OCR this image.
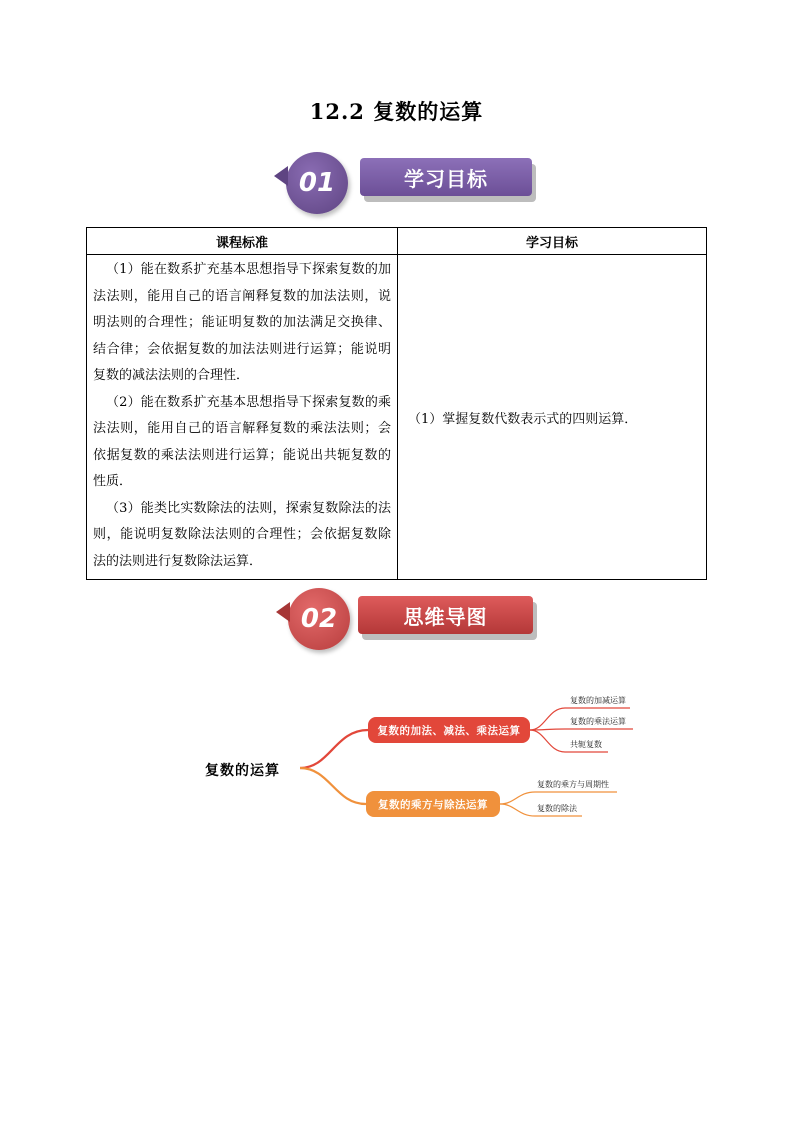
12.2 复数的运算
01	学习目标
课程标准	学习目标

（1）能在数系扩充基本思想指导下探索复数的加法法则，能用自己的语言阐释复数的加法法则，说明法则的合理性；能证明复数的加法满足交换律、结合律；会依据复数的加法法则进行运算；能说明复数的减法法则的合理性．
（2）能在数系扩充基本思想指导下探索复数的乘法法则，能用自己的语言解释复数的乘法法则；会依据复数的乘法法则进行运算；能说出共轭复数的性质．
（3）能类比实数除法的法则，探索复数除法的法则，能说明复数除法法则的合理性；会依据复数除法的法则进行复数除法运算．	（1）掌握复数代数表示式的四则运算．
02	思维导图
复数的运算
复数的加法、减法、乘法运算
复数的乘方与除法运算
复数的加减运算
复数的乘法运算
共轭复数
复数的乘方与周期性
复数的除法
